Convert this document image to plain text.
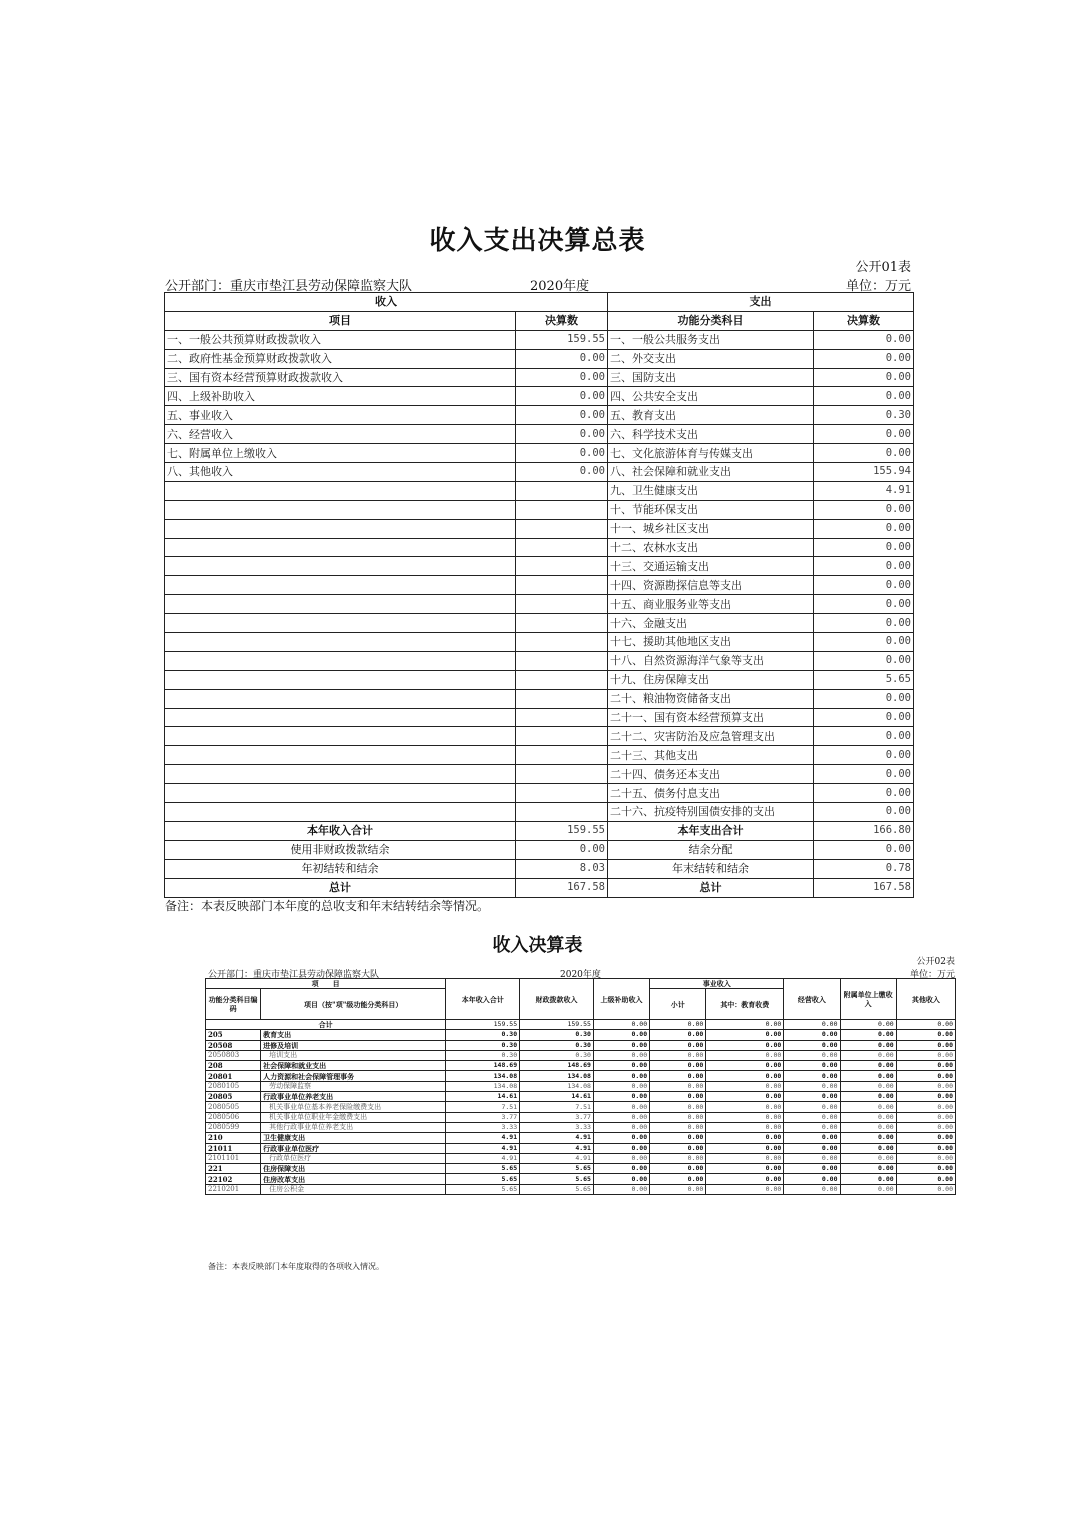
收入支出决算总表
公开01表
公开部门：重庆市垫江县劳动保障监察大队	2020年度	单位：万元
收入		支出	
项目	决算数	功能分类科目	决算数
一、一般公共预算财政拨款收入	159.55	一、一般公共服务支出	0.00
二、政府性基金预算财政拨款收入	0.00	二、外交支出	0.00
三、国有资本经营预算财政拨款收入	0.00	三、国防支出	0.00
四、上级补助收入	0.00	四、公共安全支出	0.00
五、事业收入	0.00	五、教育支出	0.30
六、经营收入	0.00	六、科学技术支出	0.00
七、附属单位上缴收入	0.00	七、文化旅游体育与传媒支出	0.00
八、其他收入	0.00	八、社会保障和就业支出	155.94
		九、卫生健康支出	4.91
		十、节能环保支出	0.00
		十一、城乡社区支出	0.00
		十二、农林水支出	0.00
		十三、交通运输支出	0.00
		十四、资源勘探信息等支出	0.00
		十五、商业服务业等支出	0.00
		十六、金融支出	0.00
		十七、援助其他地区支出	0.00
		十八、自然资源海洋气象等支出	0.00
		十九、住房保障支出	5.65
		二十、粮油物资储备支出	0.00
		二十一、国有资本经营预算支出	0.00
		二十二、灾害防治及应急管理支出	0.00
		二十三、其他支出	0.00
		二十四、债务还本支出	0.00
		二十五、债务付息支出	0.00
		二十六、抗疫特别国债安排的支出	0.00
本年收入合计	159.55	本年支出合计	166.80
使用非财政拨款结余	0.00	结余分配	0.00
年初结转和结余	8.03	年末结转和结余	0.78
总计	167.58	总计	167.58
备注：本表反映部门本年度的总收支和年末结转结余等情况。
收入决算表
公开02表
公开部门：重庆市垫江县劳动保障监察大队	2020年度	单位：万元
项　　目		本年收入合计	财政拨款收入	上级补助收入	事业收入		经营收入	附属单位上缴收入	其他收入
功能分类科目编码	项目（按"项"级功能分类科目）								
					小计	其中：教育收费			
合计		159.55	159.55	0.00	0.00	0.00	0.00	0.00	0.00
205	教育支出	0.30	0.30	0.00	0.00	0.00	0.00	0.00	0.00
20508	进修及培训	0.30	0.30	0.00	0.00	0.00	0.00	0.00	0.00
2050803	培训支出	0.30	0.30	0.00	0.00	0.00	0.00	0.00	0.00
208	社会保障和就业支出	148.69	148.69	0.00	0.00	0.00	0.00	0.00	0.00
20801	人力资源和社会保障管理事务	134.08	134.08	0.00	0.00	0.00	0.00	0.00	0.00
2080105	劳动保障监察	134.08	134.08	0.00	0.00	0.00	0.00	0.00	0.00
20805	行政事业单位养老支出	14.61	14.61	0.00	0.00	0.00	0.00	0.00	0.00
2080505	机关事业单位基本养老保险缴费支出	7.51	7.51	0.00	0.00	0.00	0.00	0.00	0.00
2080506	机关事业单位职业年金缴费支出	3.77	3.77	0.00	0.00	0.00	0.00	0.00	0.00
2080599	其他行政事业单位养老支出	3.33	3.33	0.00	0.00	0.00	0.00	0.00	0.00
210	卫生健康支出	4.91	4.91	0.00	0.00	0.00	0.00	0.00	0.00
21011	行政事业单位医疗	4.91	4.91	0.00	0.00	0.00	0.00	0.00	0.00
2101101	行政单位医疗	4.91	4.91	0.00	0.00	0.00	0.00	0.00	0.00
221	住房保障支出	5.65	5.65	0.00	0.00	0.00	0.00	0.00	0.00
22102	住房改革支出	5.65	5.65	0.00	0.00	0.00	0.00	0.00	0.00
2210201	住房公积金	5.65	5.65	0.00	0.00	0.00	0.00	0.00	0.00
备注：本表反映部门本年度取得的各项收入情况。
